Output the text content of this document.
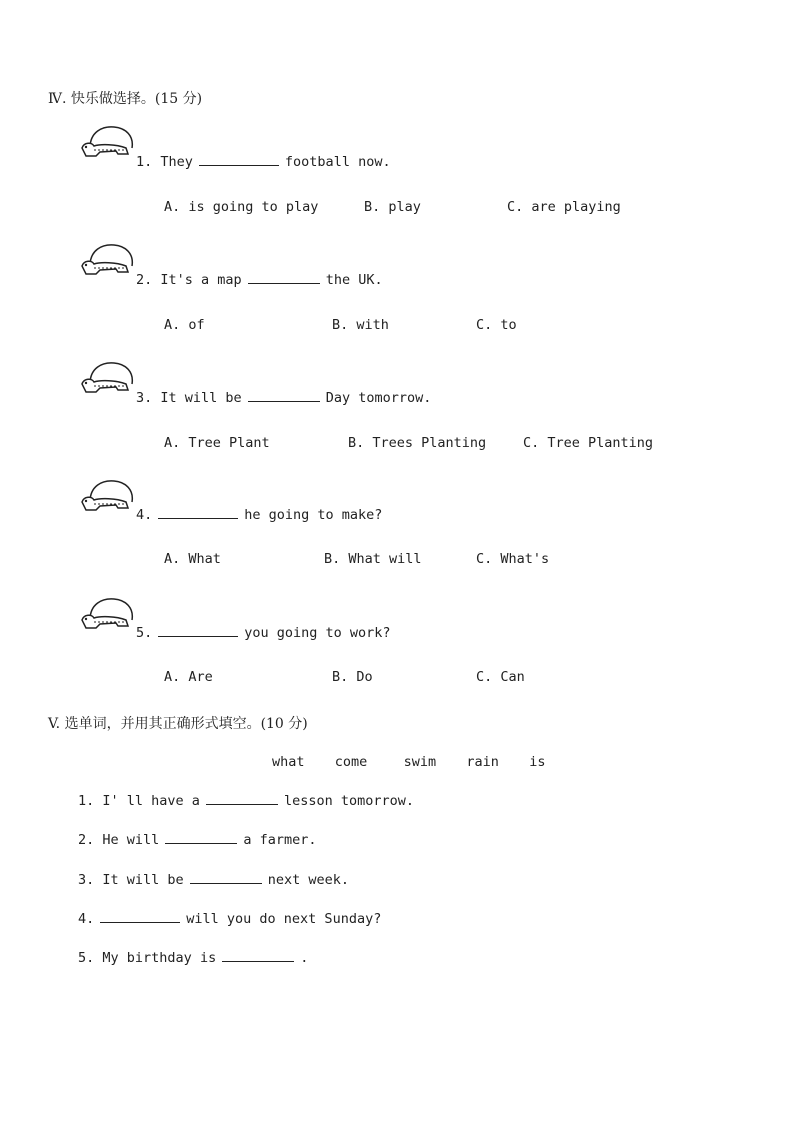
Ⅳ. 快乐做选择。(15 分)
1. They	football now.
A. is going to play	B. play	C. are playing
2. It's a map	the UK.
A. of	B. with	C. to
3. It will be	Day tomorrow.
A. Tree Plant	B. Trees Planting	C. Tree Planting
4.	he going to make?
A. What	B. What will	C. What's
5.	you going to work?
A. Are	B. Do	C. Can
V. 选单词，并用其正确形式填空。(10 分)
what come	swim rain is
1. I' ll have a	lesson tomorrow.
2. He will	a farmer.
3. It will be	next week.
4.	will you do next Sunday?
5. My birthday is	.
